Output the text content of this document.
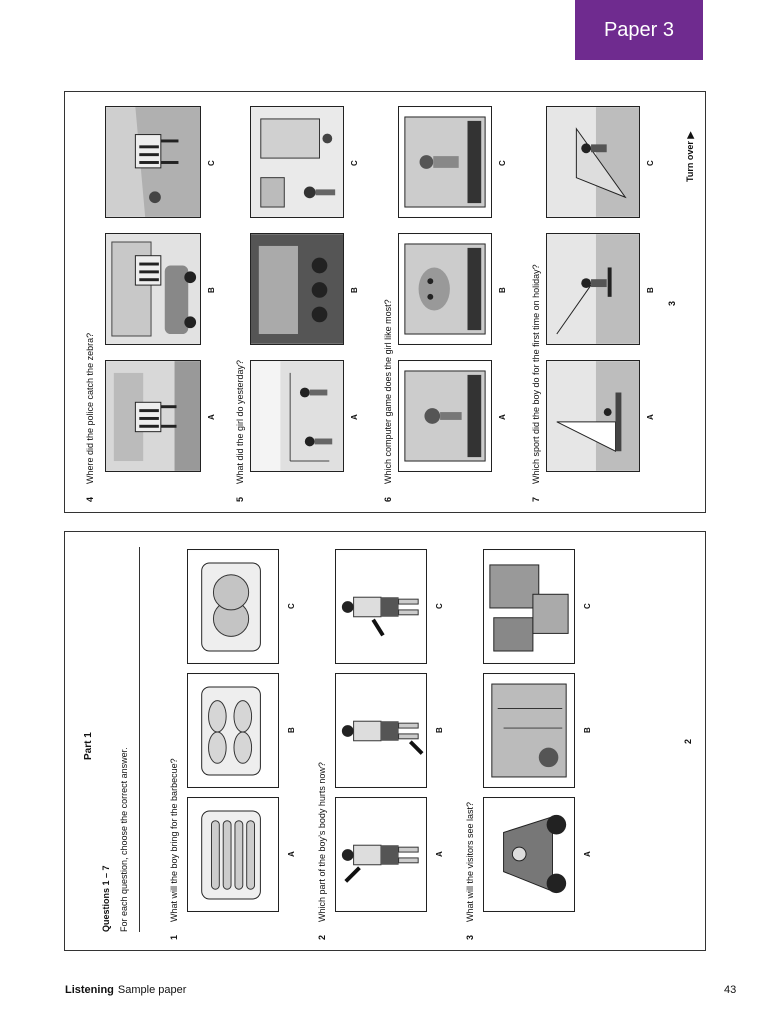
Paper 3
4
Where did the police catch the zebra?	A
B
C
5
What did the girl do yesterday?	A
B
C
6
Which computer game does the girl like most?	A
B
C
7
Which sport did the boy do for the first time on holiday?	A
B
C
3
Turn over ▶
Part 1
Questions 1 – 7 For each question, choose the correct answer.
1
What will the boy bring for the barbecue?	A
B
C
2
Which part of the boy’s body hurts now?	A
B
C
3
What will the visitors see last?	A
B
C
2
Listening Sample paper	43
